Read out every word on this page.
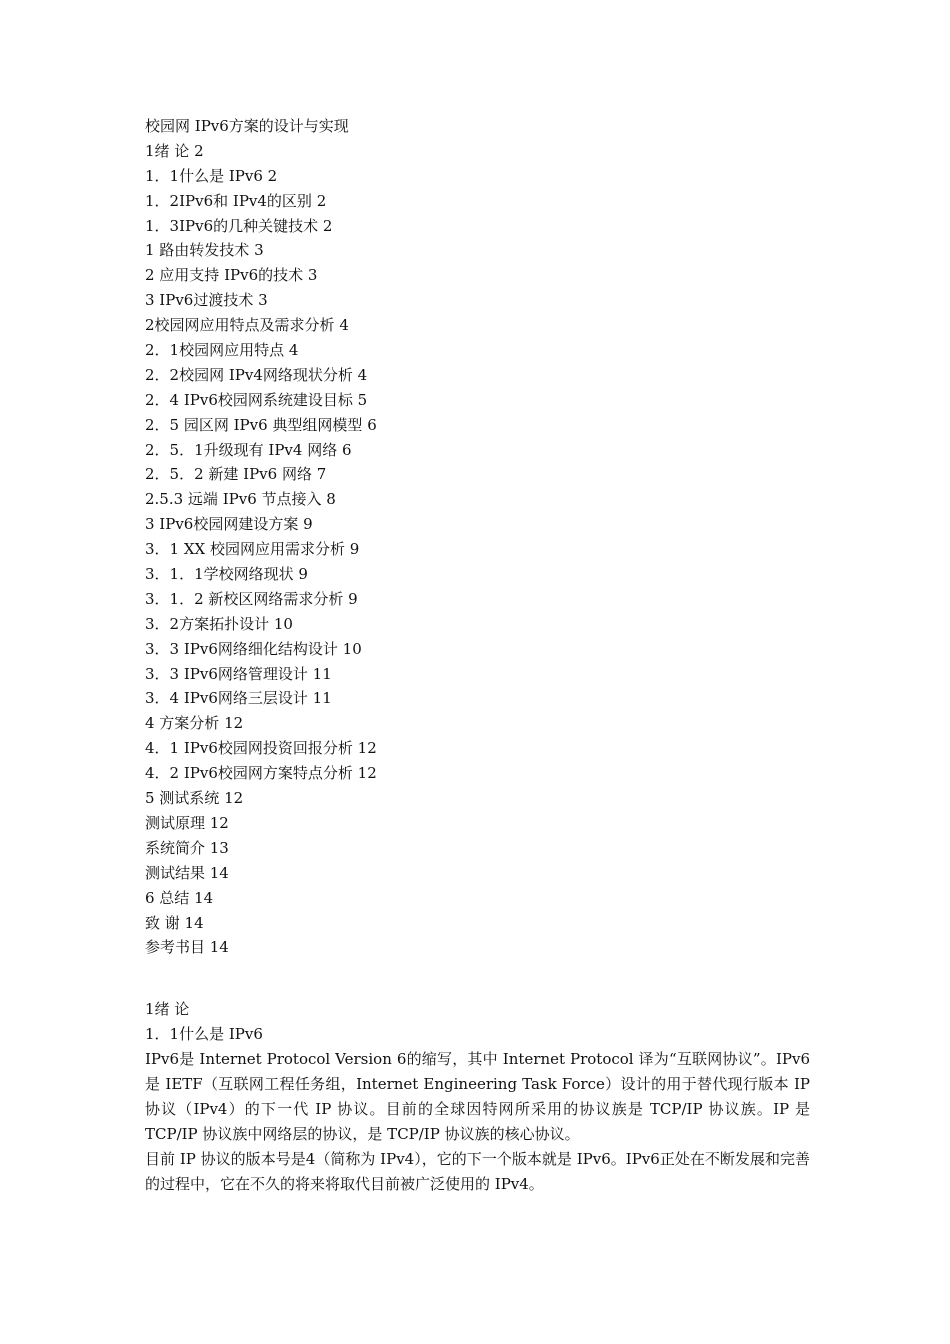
校园网 IPv6方案的设计与实现
1绪 论 2
1．1什么是 IPv6 2
1．2IPv6和 IPv4的区别 2
1．3IPv6的几种关键技术 2
1 路由转发技术 3
2 应用支持 IPv6的技术 3
3 IPv6过渡技术 3
2校园网应用特点及需求分析 4
2．1校园网应用特点 4
2．2校园网 IPv4网络现状分析 4
2．4 IPv6校园网系统建设目标 5
2．5 园区网 IPv6 典型组网模型 6
2．5．1升级现有 IPv4 网络 6
2．5．2 新建 IPv6 网络 7
2.5.3 远端 IPv6 节点接入 8
3 IPv6校园网建设方案 9
3．1 XX 校园网应用需求分析 9
3．1．1学校网络现状 9
3．1．2 新校区网络需求分析 9
3．2方案拓扑设计 10
3．3 IPv6网络细化结构设计 10
3．3 IPv6网络管理设计 11
3．4 IPv6网络三层设计 11
4 方案分析 12
4．1 IPv6校园网投资回报分析 12
4．2 IPv6校园网方案特点分析 12
5 测试系统 12
测试原理 12
系统简介 13
测试结果 14
6 总结 14
致 谢 14
参考书目 14
1绪 论
1．1什么是 IPv6

IPv6是 Internet Protocol Version 6的缩写，其中 Internet Protocol 译为“互联网协议”。IPv6是 IETF（互联网工程任务组，Internet Engineering Task Force）设计的用于替代现行版本 IP 协议（IPv4）的下一代 IP 协议。目前的全球因特网所采用的协议族是 TCP/IP 协议族。IP 是 TCP/IP 协议族中网络层的协议，是 TCP/IP 协议族的核心协议。

目前 IP 协议的版本号是4（简称为 IPv4），它的下一个版本就是 IPv6。IPv6正处在不断发展和完善的过程中，它在不久的将来将取代目前被广泛使用的 IPv4。
